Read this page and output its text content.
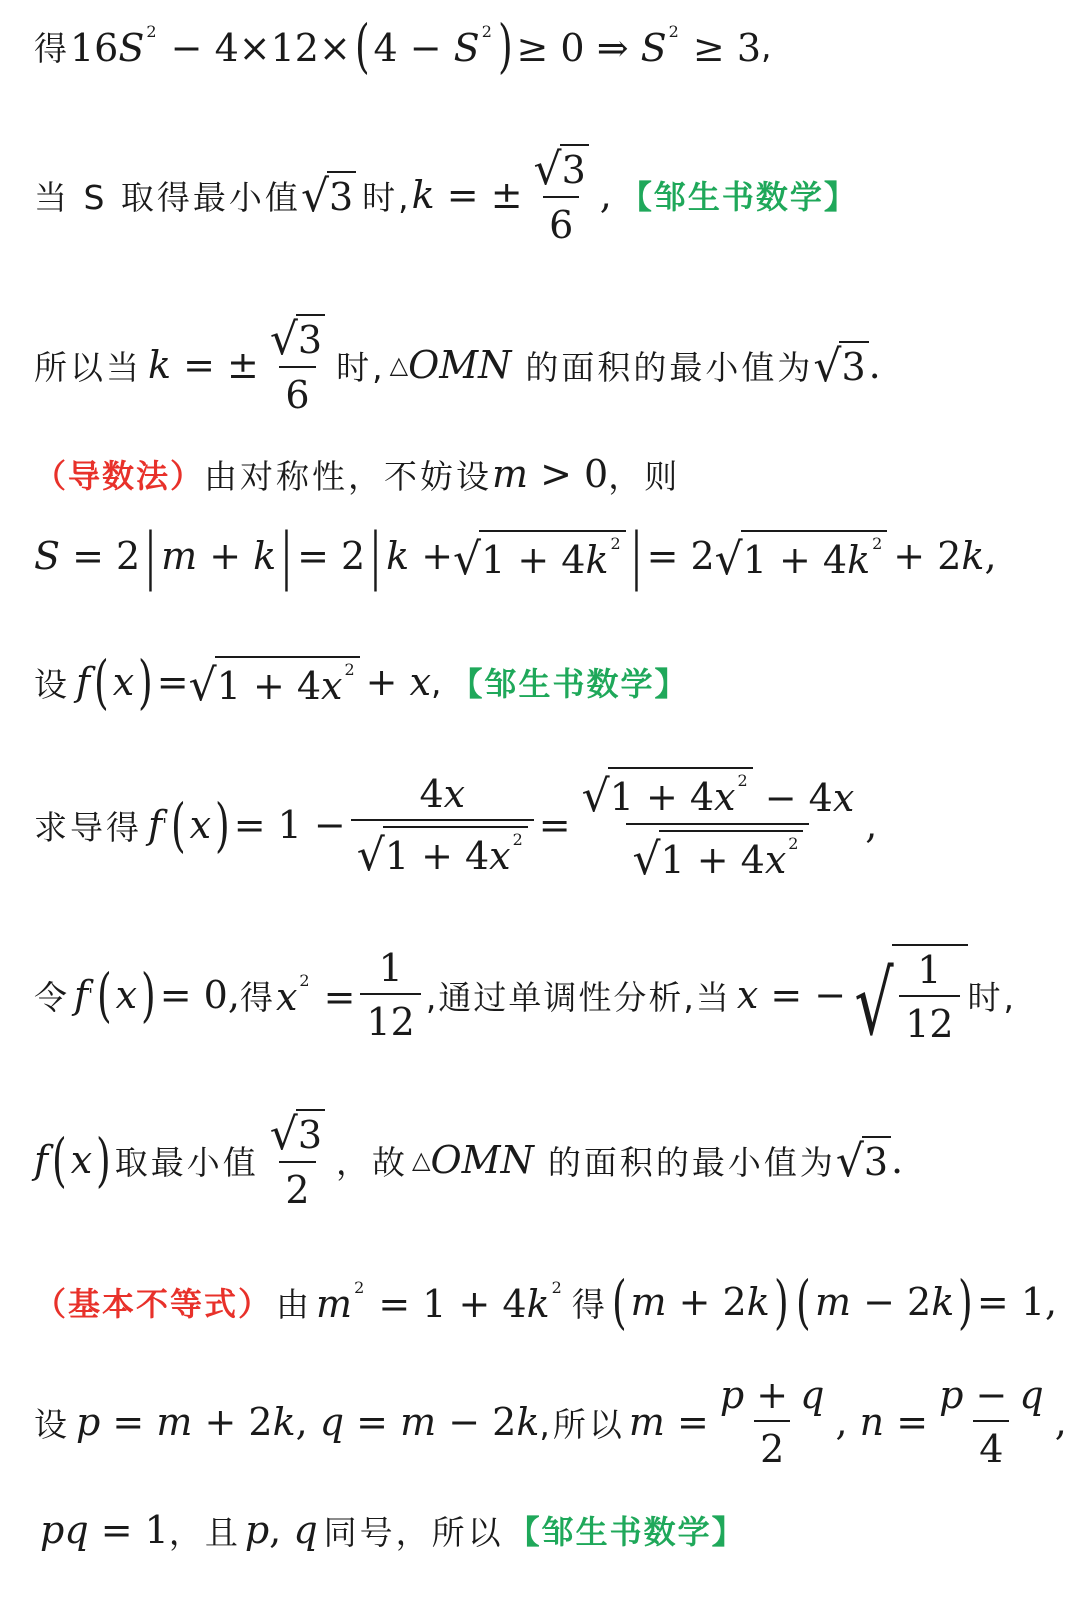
得 16S $^2$ − 4×12× ( 4 − S $^2$ ) ≥ 0 ⇒ S $^2$ ≥ 3 ,
当 S 取得最小值 √ 3 时, k = ± $\frac{√ 3}{6}$ , 【邹生书数学】
所以当 k = ± $\frac{√ 3}{6}$ 时, △ OMN 的面积的最小值为 √ 3 .
（导数法） 由对称性，不妨设 m > 0 ，则
S = 2 | m + k | = 2 | k + √ 1 + 4k $^2$ | = 2 √ 1 + 4k $^2$ + 2k,
设 f ( x ) = √ 1 + 4x $^2$ + x , 【邹生书数学】
求导得 f ' ( x ) = $1 - \frac{4x}{√ 1 + 4x ^2} = \frac{√ 1 + 4x ^2 - 4x}{√ 1 + 4x ^2}$ ,
令 f ' ( x ) = 0, 得 x $^2 = \frac{1}{12}$ ,通过单调性分析,当 x = − √ $\frac{1}{12}$ 时,
f ( x ) 取最小值 $\frac{√ 3}{2}$ ，故 △ OMN 的面积的最小值为 √ 3 .
（基本不等式） 由 m $^2$ = 1 + 4k $^2$ 得 ( m + 2k ) ( m − 2k ) = 1,
设 p = m + 2k, q = m − 2k ,所以 $m = \frac{p + q}{2}$ , $n = \frac{p - q}{4}$ ,
pq = 1 ，且 p, q 同号，所以 【邹生书数学】
